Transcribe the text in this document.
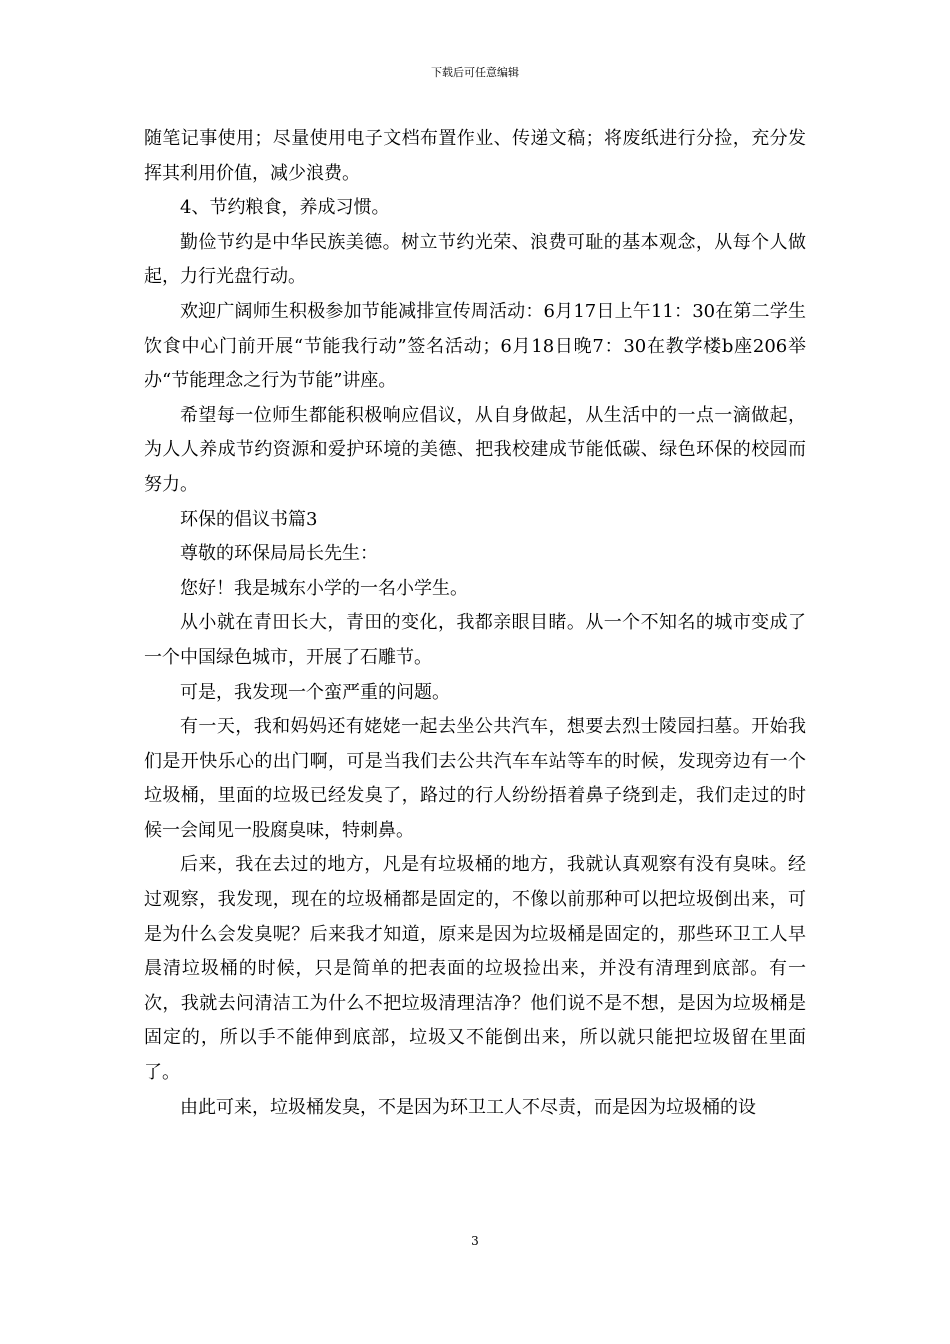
下载后可任意编辑

随笔记事使用；尽量使用电子文档布置作业、传递文稿；将废纸进行分捡，充分发挥其利用价值，减少浪费。

4、节约粮食，养成习惯。

勤俭节约是中华民族美德。树立节约光荣、浪费可耻的基本观念，从每个人做起，力行光盘行动。

欢迎广阔师生积极参加节能减排宣传周活动：6月17日上午11：30在第二学生饮食中心门前开展“节能我行动”签名活动；6月18日晚7：30在教学楼b座206举办“节能理念之行为节能”讲座。

希望每一位师生都能积极响应倡议，从自身做起，从生活中的一点一滴做起，为人人养成节约资源和爱护环境的美德、把我校建成节能低碳、绿色环保的校园而努力。

环保的倡议书篇3

尊敬的环保局局长先生：

您好！我是城东小学的一名小学生。

从小就在青田长大，青田的变化，我都亲眼目睹。从一个不知名的城市变成了一个中国绿色城市，开展了石雕节。

可是，我发现一个蛮严重的问题。

有一天，我和妈妈还有姥姥一起去坐公共汽车，想要去烈士陵园扫墓。开始我们是开快乐心的出门啊，可是当我们去公共汽车车站等车的时候，发现旁边有一个垃圾桶，里面的垃圾已经发臭了，路过的行人纷纷捂着鼻子绕到走，我们走过的时候一会闻见一股腐臭味，特刺鼻。

后来，我在去过的地方，凡是有垃圾桶的地方，我就认真观察有没有臭味。经过观察，我发现，现在的垃圾桶都是固定的，不像以前那种可以把垃圾倒出来，可是为什么会发臭呢？后来我才知道，原来是因为垃圾桶是固定的，那些环卫工人早晨清垃圾桶的时候，只是简单的把表面的垃圾捡出来，并没有清理到底部。有一次，我就去问清洁工为什么不把垃圾清理洁净？他们说不是不想，是因为垃圾桶是固定的，所以手不能伸到底部，垃圾又不能倒出来，所以就只能把垃圾留在里面了。

由此可来，垃圾桶发臭，不是因为环卫工人不尽责，而是因为垃圾桶的设

3
